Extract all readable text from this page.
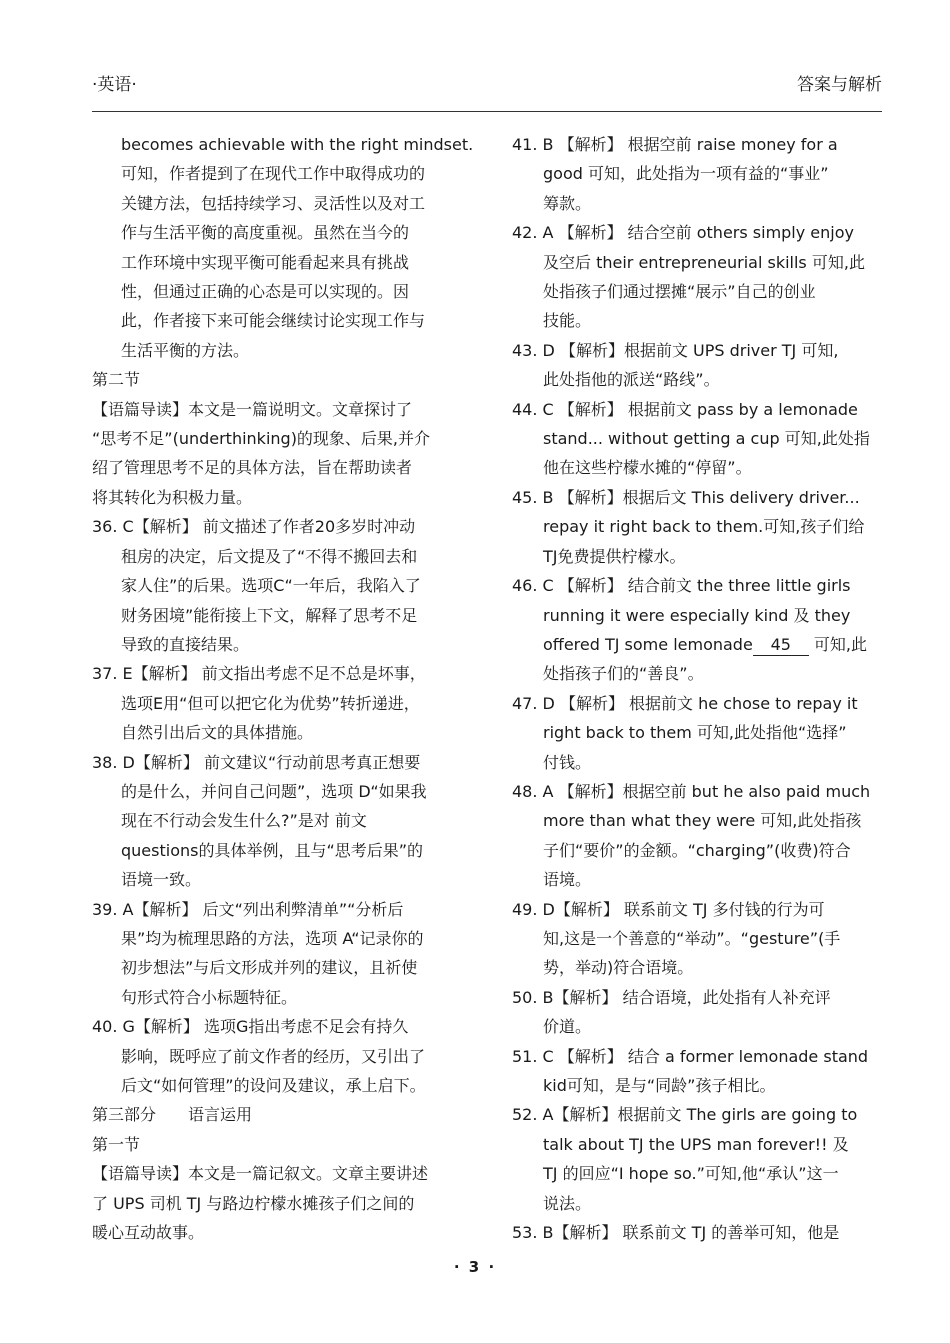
·英语·	答案与解析

becomes achievable with the right mindset.

可知，作者提到了在现代工作中取得成功的

关键方法，包括持续学习、灵活性以及对工

作与生活平衡的高度重视。虽然在当今的

工作环境中实现平衡可能看起来具有挑战

性，但通过正确的心态是可以实现的。因

此，作者接下来可能会继续讨论实现工作与

生活平衡的方法。

第二节

【语篇导读】本文是一篇说明文。文章探讨了

“思考不足”(underthinking)的现象、后果,并介

绍了管理思考不足的具体方法，旨在帮助读者

将其转化为积极力量。

36. C【解析】 前文描述了作者20多岁时冲动

租房的决定，后文提及了“不得不搬回去和

家人住”的后果。选项C“一年后，我陷入了

财务困境”能衔接上下文，解释了思考不足

导致的直接结果。

37. E【解析】 前文指出考虑不足不总是坏事，

选项E用“但可以把它化为优势”转折递进，

自然引出后文的具体措施。

38. D【解析】 前文建议“行动前思考真正想要

的是什么，并问自己问题”，选项 D“如果我

现在不行动会发生什么?”是对 前文

questions的具体举例，且与“思考后果”的

语境一致。

39. A【解析】 后文“列出利弊清单”“分析后

果”均为梳理思路的方法，选项 A“记录你的

初步想法”与后文形成并列的建议，且祈使

句形式符合小标题特征。

40. G【解析】 选项G指出考虑不足会有持久

影响，既呼应了前文作者的经历，又引出了

后文“如何管理”的设问及建议，承上启下。

第三部分　　语言运用

第一节

【语篇导读】本文是一篇记叙文。文章主要讲述

了 UPS 司机 TJ 与路边柠檬水摊孩子们之间的

暖心互动故事。

41. B 【解析】 根据空前 raise money for a

good 可知，此处指为一项有益的“事业”

筹款。

42. A 【解析】 结合空前 others simply enjoy

及空后 their entrepreneurial skills 可知,此

处指孩子们通过摆摊“展示”自己的创业

技能。

43. D 【解析】根据前文 UPS driver TJ 可知,

此处指他的派送“路线”。

44. C 【解析】 根据前文 pass by a lemonade

stand... without getting a cup 可知,此处指

他在这些柠檬水摊的“停留”。

45. B 【解析】根据后文 This delivery driver...

repay it right back to them.可知,孩子们给

TJ免费提供柠檬水。

46. C 【解析】 结合前文 the three little girls

running it were especially kind 及 they

offered TJ some lemonade 45 可知,此

处指孩子们的“善良”。

47. D 【解析】 根据前文 he chose to repay it

right back to them 可知,此处指他“选择”

付钱。

48. A 【解析】根据空前 but he also paid much

more than what they were 可知,此处指孩

子们“要价”的金额。“charging”(收费)符合

语境。

49. D【解析】 联系前文 TJ 多付钱的行为可

知,这是一个善意的“举动”。“gesture”(手

势，举动)符合语境。

50. B【解析】 结合语境，此处指有人补充评

价道。

51. C 【解析】 结合 a former lemonade stand

kid可知，是与“同龄”孩子相比。

52. A【解析】根据前文 The girls are going to

talk about TJ the UPS man forever!! 及

TJ 的回应“I hope so.”可知,他“承认”这一

说法。

53. B【解析】 联系前文 TJ 的善举可知，他是

· 3 ·
